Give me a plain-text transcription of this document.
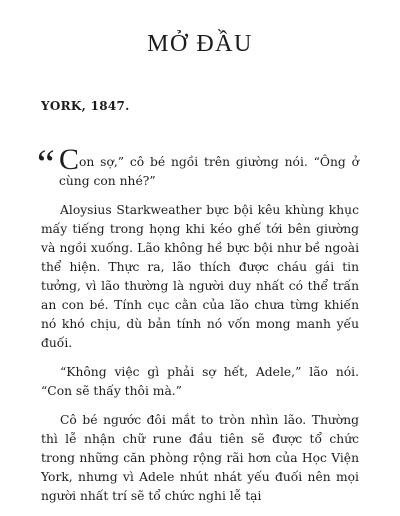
MỞ ĐẦU
YORK, 1847.

“ Con sợ,” cô bé ngồi trên giường nói. “Ông ở cùng con nhé?”

Aloysius Starkweather bực bội kêu khùng khục mấy tiếng trong họng khi kéo ghế tới bên giường và ngồi xuống. Lão không hề bực bội như bề ngoài thể hiện. Thực ra, lão thích được cháu gái tin tưởng, vì lão thường là người duy nhất có thể trấn an con bé. Tính cục cằn của lão chưa từng khiến nó khó chịu, dù bản tính nó vốn mong manh yếu đuối.

“Không việc gì phải sợ hết, Adele,” lão nói. “Con sẽ thấy thôi mà.”

Cô bé ngước đôi mắt to tròn nhìn lão. Thường thì lễ nhận chữ rune đầu tiên sẽ được tổ chức trong những căn phòng rộng rãi hơn của Học Viện York, nhưng vì Adele nhút nhát yếu đuối nên mọi người nhất trí sẽ tổ chức nghi lễ tại
